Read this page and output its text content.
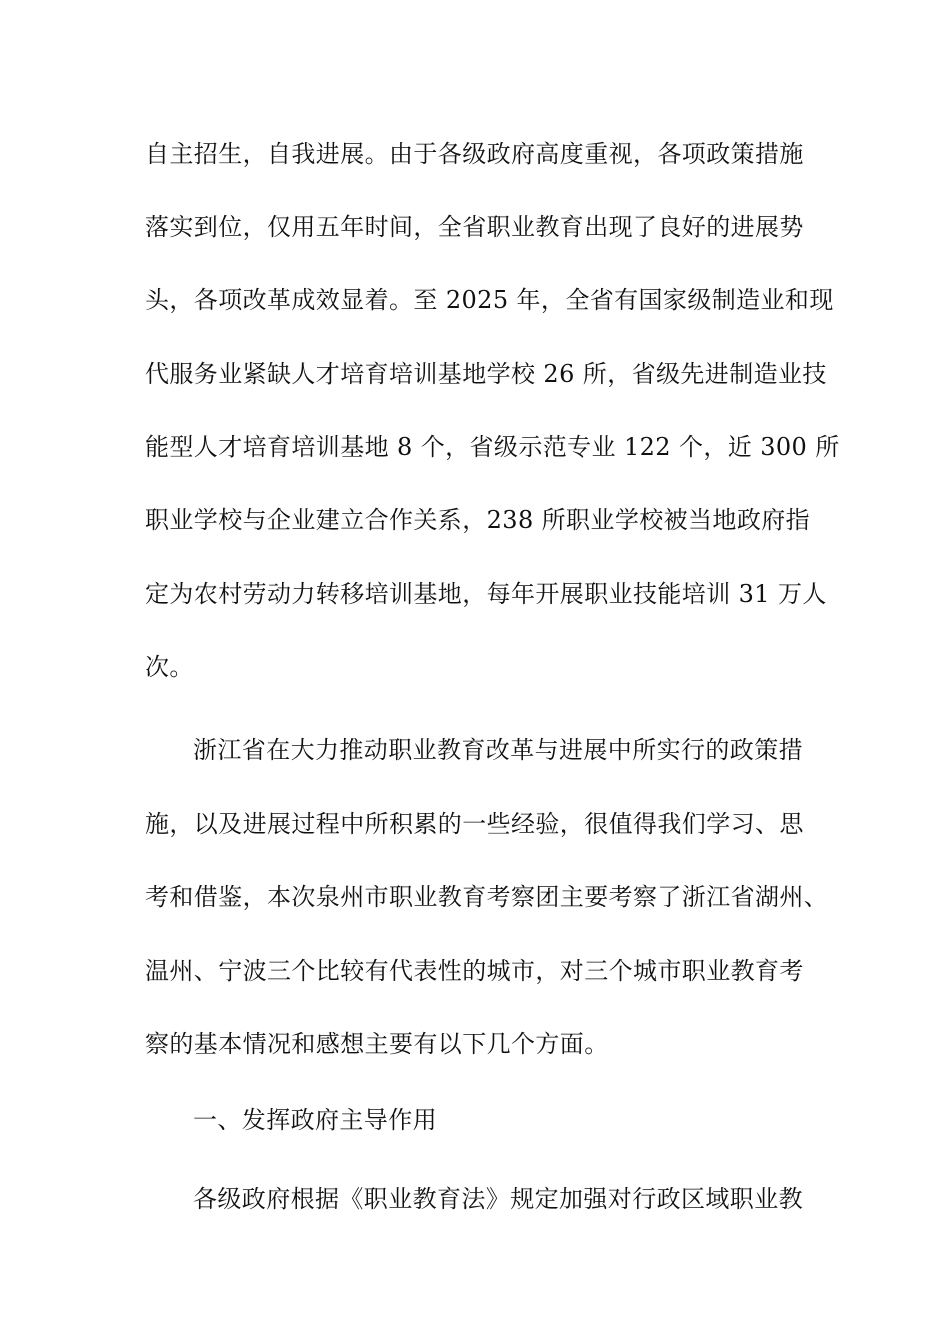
自主招生，自我进展。由于各级政府高度重视，各项政策措施
落实到位，仅用五年时间，全省职业教育出现了良好的进展势
头，各项改革成效显着。至 2025 年，全省有国家级制造业和现
代服务业紧缺人才培育培训基地学校 26 所，省级先进制造业技
能型人才培育培训基地 8 个，省级示范专业 122 个，近 300 所
职业学校与企业建立合作关系，238 所职业学校被当地政府指
定为农村劳动力转移培训基地，每年开展职业技能培训 31 万人
次。
浙江省在大力推动职业教育改革与进展中所实行的政策措
施，以及进展过程中所积累的一些经验，很值得我们学习、思
考和借鉴，本次泉州市职业教育考察团主要考察了浙江省湖州、
温州、宁波三个比较有代表性的城市，对三个城市职业教育考
察的基本情况和感想主要有以下几个方面。
一、发挥政府主导作用
各级政府根据《职业教育法》规定加强对行政区域职业教
